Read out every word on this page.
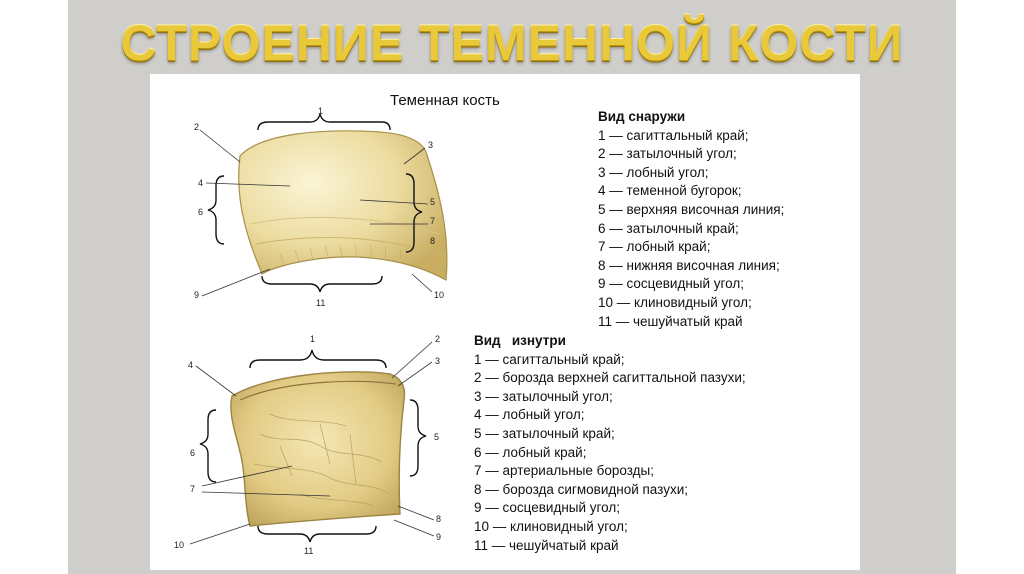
СТРОЕНИЕ ТЕМЕННОЙ КОСТИ
1
2
3
4
5
6
7
8
9	10
11
1	2
3
4
5
6
7
8
9
10
11
Теменная кость
Вид снаружи
1 — сагиттальный край;
2 — затылочный угол;
3 — лобный угол;
4 — теменной бугорок;
5 — верхняя височная линия;
6 — затылочный край;
7 — лобный край;
8 — нижняя височная линия;
9 — сосцевидный угол;
10 — клиновидный угол;
11 — чешуйчатый край
Вид   изнутри
1 — сагиттальный край;
2 — борозда верхней сагиттальной пазухи;
3 — затылочный угол;
4 — лобный угол;
5 — затылочный край;
6 — лобный край;
7 — артериальные борозды;
8 — борозда сигмовидной пазухи;
9 — сосцевидный угол;
10 — клиновидный угол;
11 — чешуйчатый край
